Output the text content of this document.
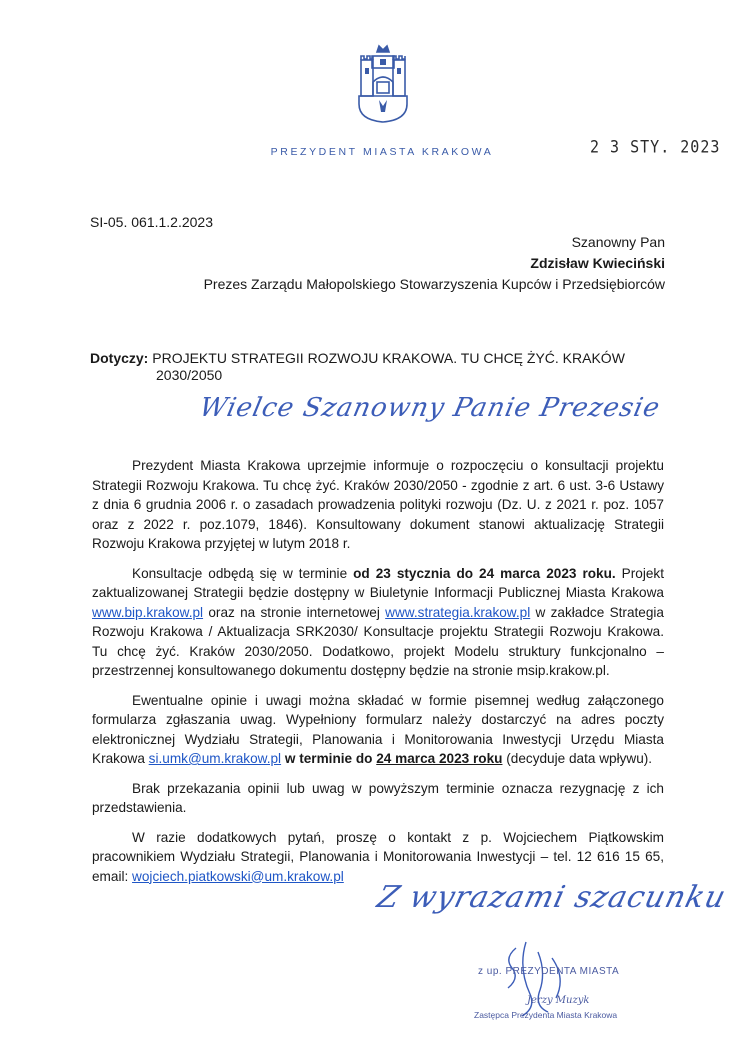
PREZYDENT MIASTA KRAKOWA	2 3 STY. 2023
SI-05. 061.1.2.2023
Szanowny Pan
Zdzisław Kwieciński
Prezes Zarządu Małopolskiego Stowarzyszenia Kupców i Przedsiębiorców
Dotyczy: PROJEKTU STRATEGII ROZWOJU KRAKOWA. TU CHCĘ ŻYĆ. KRAKÓW
2030/2050
Wielce Szanowny Panie Prezesie

Prezydent Miasta Krakowa uprzejmie informuje o rozpoczęciu o konsultacji projektu Strategii Rozwoju Krakowa. Tu chcę żyć. Kraków 2030/2050 - zgodnie z art. 6 ust. 3-6 Ustawy z dnia 6 grudnia 2006 r. o zasadach prowadzenia polityki rozwoju (Dz. U. z 2021 r. poz. 1057 oraz z 2022 r. poz.1079, 1846). Konsultowany dokument stanowi aktualizację Strategii Rozwoju Krakowa przyjętej w lutym 2018 r.

Konsultacje odbędą się w terminie od 23 stycznia do 24 marca 2023 roku. Projekt zaktualizowanej Strategii będzie dostępny w Biuletynie Informacji Publicznej Miasta Krakowa www.bip.krakow.pl oraz na stronie internetowej www.strategia.krakow.pl w zakładce Strategia Rozwoju Krakowa / Aktualizacja SRK2030/ Konsultacje projektu Strategii Rozwoju Krakowa. Tu chcę żyć. Kraków 2030/2050. Dodatkowo, projekt Modelu struktury funkcjonalno – przestrzennej konsultowanego dokumentu dostępny będzie na stronie msip.krakow.pl.

Ewentualne opinie i uwagi można składać w formie pisemnej według załączonego formularza zgłaszania uwag. Wypełniony formularz należy dostarczyć na adres poczty elektronicznej Wydziału Strategii, Planowania i Monitorowania Inwestycji Urzędu Miasta Krakowa si.umk@um.krakow.pl w terminie do 24 marca 2023 roku (decyduje data wpływu).

Brak przekazania opinii lub uwag w powyższym terminie oznacza rezygnację z ich przedstawienia.

W razie dodatkowych pytań, proszę o kontakt z p. Wojciechem Piątkowskim pracownikiem Wydziału Strategii, Planowania i Monitorowania Inwestycji – tel. 12 616 15 65, email: wojciech.piatkowski@um.krakow.pl

Z wyrazami szacunku
z up. PREZYDENTA MIASTA
Jerzy Muzyk
Zastępca Prezydenta Miasta Krakowa
